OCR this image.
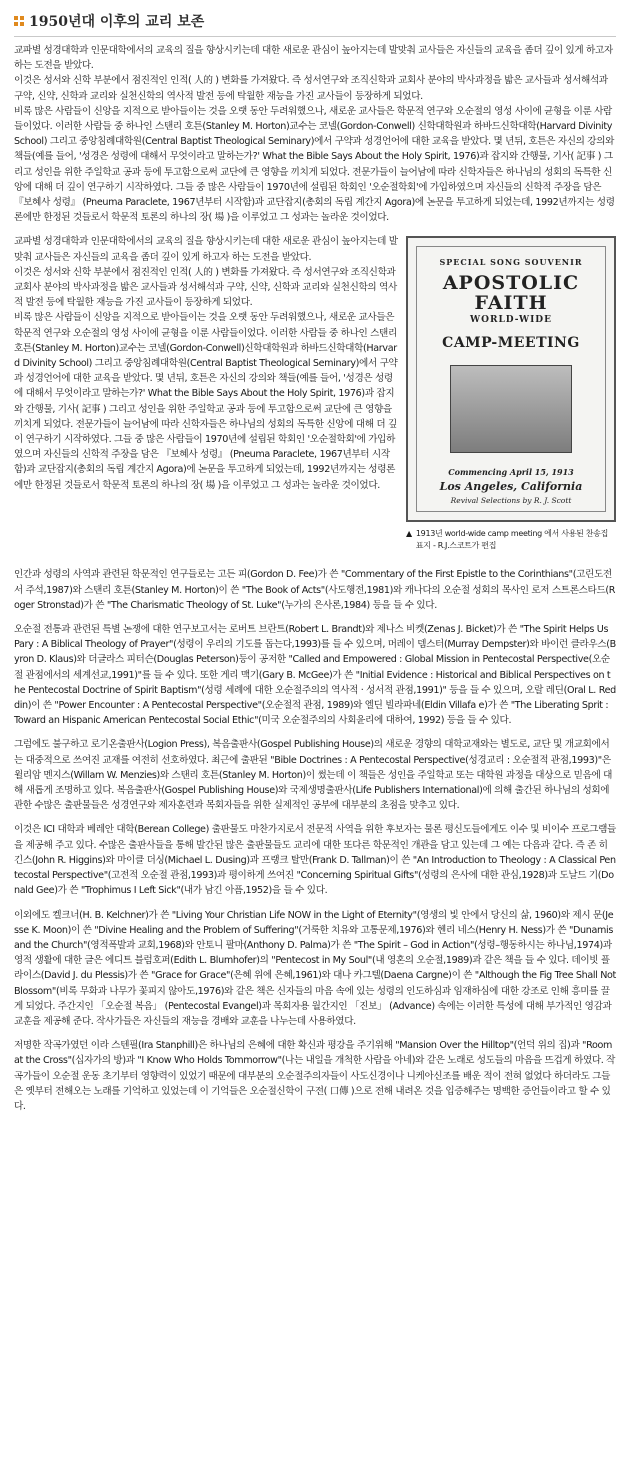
1950년대 이후의 교리 보존

교파별 성경대학과 인문대학에서의 교육의 질을 향상시키는데 대한 새로운 관심이 높아지는데 발맞춰 교사들은 자신들의 교육을 좀더 깊이 있게 하고자 하는 도전을 받았다.

이것은 성서와 신학 부분에서 점진적인 인적( 人的 ) 변화를 가져왔다. 즉 성서연구와 조직신학과 교회사 분야의 박사과정을 밟은 교사들과 성서해석과 구약, 신약, 신학과 교리와 실천신학의 역사적 발전 등에 탁월한 재능을 가진 교사들이 등장하게 되었다.

비록 많은 사람들이 신앙을 지적으로 받아들이는 것을 오랫 동안 두려워했으나, 새로운 교사들은 학문적 연구와 오순절의 영성 사이에 균형을 이룬 사람들이었다. 이러한 사람들 중 하나인 스탠리 호튼(Stanley M. Horton)교수는 코넬(Gordon-Conwell) 신학대학원과 하바드신학대학(Harvard Divinity School) 그리고 중앙침례대학원(Central Baptist Theological Seminary)에서 구약과 성경언어에 대한 교육을 받았다. 몇 년뒤, 호튼은 자신의 강의와 책들(예를 들어, '성경은 성령에 대해서 무엇이라고 말하는가?' What the Bible Says About the Holy Spirit, 1976)과 잡지와 간행물, 기사( 記事 ) 그리고 성인을 위한 주일학교 공과 등에 투고함으로써 교단에 큰 영향을 끼치게 되었다. 전문가들이 늘어남에 따라 신학자들은 하나님의 성회의 독특한 신앙에 대해 더 깊이 연구하기 시작하였다. 그들 중 많은 사람들이 1970년에 설립된 학회인 '오순절학회'에 가입하였으며 자신들의 신학적 주장을 담은 『보혜사 성령』 (Pneuma Paraclete, 1967년부터 시작함)과 교단잡지(총회의 독립 계간지 Agora)에 논문을 투고하게 되었는데, 1992년까지는 성령론에만 한정된 것들로서 학문적 토론의 하나의 장( 場 )을 이루었고 그 성과는 놀라운 것이었다.

SPECIAL SONG SOUVENIR
APOSTOLIC FAITH
WORLD-WIDE
CAMP-MEETING
Commencing April 15, 1913
Los Angeles, California
Revival Selections by R. J. Scott
▲ 1913년 world-wide camp meeting 에서 사용된 찬송집 표지 - R.J.스코트가 편집

교파별 성경대학과 인문대학에서의 교육의 질을 향상시키는데 대한 새로운 관심이 높아지는데 발맞춰 교사들은 자신들의 교육을 좀더 깊이 있게 하고자 하는 도전을 받았다.

이것은 성서와 신학 부분에서 점진적인 인적( 人的 ) 변화를 가져왔다. 즉 성서연구와 조직신학과 교회사 분야의 박사과정을 밟은 교사들과 성서해석과 구약, 신약, 신학과 교리와 실천신학의 역사적 발전 등에 탁월한 재능을 가진 교사들이 등장하게 되었다.

비록 많은 사람들이 신앙을 지적으로 받아들이는 것을 오랫 동안 두려워했으나, 새로운 교사들은 학문적 연구와 오순절의 영성 사이에 균형을 이룬 사람들이었다. 이러한 사람들 중 하나인 스탠리 호튼(Stanley M. Horton)교수는 코넬(Gordon-Conwell)신학대학원과 하바드신학대학(Harvard Divinity School) 그리고 중앙침례대학원(Central Baptist Theological Seminary)에서 구약과 성경언어에 대한 교육을 받았다. 몇 년뒤, 호튼은 자신의 강의와 책들(예를 들어, '성경은 성령에 대해서 무엇이라고 말하는가?' What the Bible Says About the Holy Spirit, 1976)과 잡지와 간행물, 기사( 記事 ) 그리고 성인을 위한 주일학교 공과 등에 투고함으로써 교단에 큰 영향을 끼치게 되었다. 전문가들이 늘어남에 따라 신학자들은 하나님의 성회의 독특한 신앙에 대해 더 깊이 연구하기 시작하였다. 그들 중 많은 사람들이 1970년에 설립된 학회인 '오순절학회'에 가입하였으며 자신들의 신학적 주장을 담은 『보혜사 성령』 (Pneuma Paraclete, 1967년부터 시작함)과 교단잡지(총회의 독립 계간지 Agora)에 논문을 투고하게 되었는데, 1992년까지는 성령론에만 한정된 것들로서 학문적 토론의 하나의 장( 場 )을 이루었고 그 성과는 놀라운 것이었다.

인간과 성령의 사역과 관련된 학문적인 연구들로는 고든 피(Gordon D. Fee)가 쓴 "Commentary of the First Epistle to the Corinthians"(고린도전서 주석,1987)와 스탠리 호튼(Stanley M. Horton)이 쓴 "The Book of Acts"(사도행전,1981)와 캐나다의 오순절 성회의 목사인 로저 스트론스타드(Roger Stronstad)가 쓴 "The Charismatic Theology of St. Luke"(누가의 은사론,1984) 등을 들 수 있다.

오순절 전통과 관련된 특별 논쟁에 대한 연구보고서는 로버트 브란트(Robert L. Brandt)와 제나스 비켓(Zenas J. Bicket)가 쓴 "The Spirit Helps Us Pary : A Biblical Theology of Prayer"(성령이 우리의 기도를 돕는다,1993)를 들 수 있으며, 머레이 뎀스터(Murray Dempster)와 바이런 클라우스(Byron D. Klaus)와 더글라스 피터슨(Douglas Peterson)등이 공저한 "Called and Empowered : Global Mission in Pentecostal Perspective(오순절 관점에서의 세계선교,1991)"를 들 수 있다. 또한 게리 맥기(Gary B. McGee)가 쓴 "Initial Evidence : Historical and Biblical Perspectives on the Pentecostal Doctrine of Spirit Baptism"(성령 세례에 대한 오순절주의의 역사적 · 성서적 관점,1991)" 등을 들 수 있으며, 오랄 레딘(Oral L. Reddin)이 쓴 "Power Encounter : A Pentecostal Perspective"(오순절적 관점, 1989)와 엘딘 빌라파네(Eldin Villafa e)가 쓴 "The Liberating Sprit : Toward an Hispanic American Pentecostal Social Ethic"(미국 오순절주의의 사회윤리에 대하여, 1992) 등을 들 수 있다.

그럼에도 불구하고 로기온출판사(Logion Press), 복음출판사(Gospel Publishing House)의 새로운 경향의 대학교재와는 별도로, 교단 및 개교회에서는 대중적으로 쓰여진 교재를 여전히 선호하였다. 최근에 출판된 "Bible Doctrines : A Pentecostal Perspective(성경교리 : 오순절적 관점,1993)"은 윌리암 멘지스(Willam W. Menzies)와 스탠리 호튼(Stanley M. Horton)이 썼는데 이 책들은 성인을 주일학교 또는 대학원 과정을 대상으로 믿음에 대해 새롭게 조명하고 있다. 복음출판사(Gospel Publishing House)와 국제생명출판사(Life Publishers International)에 의해 출간된 하나님의 성회에 관한 수많은 출판물들은 성경연구와 제자훈련과 목회자들을 위한 실제적인 공부에 대부분의 초점을 맞추고 있다.

이것은 ICI 대학과 베레안 대학(Berean College) 출판물도 마찬가지로서 전문적 사역을 위한 후보자는 물론 평신도들에게도 이수 및 비이수 프로그램들을 제공해 주고 있다. 수많은 출판사들을 통해 발간된 많은 출판물들도 교리에 대한 또다른 학문적인 개관을 담고 있는데 그 예는 다음과 같다. 즉 존 히긴스(John R. Higgins)와 마이클 더싱(Michael L. Dusing)과 프랭크 탈만(Frank D. Tallman)이 쓴 "An Introduction to Theology : A Classical Pentecostal Perspective"(고전적 오순절 관점,1993)과 평이하게 쓰여진 "Concerning Spiritual Gifts"(성령의 은사에 대한 관심,1928)과 도날드 기(Donald Gee)가 쓴 "Trophimus I Left Sick"(내가 남긴 아픔,1952)을 들 수 있다.

이외에도 켈크너(H. B. Kelchner)가 쓴 "Living Your Christian Life NOW in the Light of Eternity"(영생의 빛 안에서 당신의 삶, 1960)와 제시 문(Jesse K. Moon)이 쓴 "Divine Healing and the Problem of Suffering"(거룩한 치유와 고통문제,1976)와 헨리 네스(Henry H. Ness)가 쓴 "Dunamis and the Church"(영적폭발과 교회,1968)와 안토니 팔마(Anthony D. Palma)가 쓴 "The Spirit – God in Action"(성령–행동하시는 하나님,1974)과 영적 생활에 대한 글은 에디트 블럼호퍼(Edith L. Blumhofer)의 "Pentecost in My Soul"(내 영혼의 오순절,1989)과 같은 책을 들 수 있다. 데이빗 플라이스(David J. du Plessis)가 쓴 "Grace for Grace"(은혜 위에 은혜,1961)와 대나 카그텔(Daena Cargne)이 쓴 "Although the Fig Tree Shall Not Blossom"(비록 무화과 나무가 꽃피지 않아도,1976)와 같은 책은 신자들의 마음 속에 있는 성령의 인도하심과 임재하심에 대한 강조로 인해 흥미를 끌게 되었다. 주간지인 「오순절 복음」 (Pentecostal Evangel)과 목회자용 월간지인 「진보」 (Advance) 속에는 이러한 특성에 대해 부가적인 영감과 교훈을 제공해 준다. 작사가들은 자신들의 재능을 경배와 교훈을 나누는데 사용하였다.

저명한 작곡가였던 이라 스텐필(Ira Stanphill)은 하나님의 은혜에 대한 확신과 평강을 주기위해 "Mansion Over the Hilltop"(언덕 위의 집)과 "Room at the Cross"(십자가의 방)과 "I Know Who Holds Tommorrow"(나는 내일을 개척한 사람을 아네)와 같은 노래로 성도들의 마음을 뜨겁게 하였다. 작곡가들이 오순절 운동 초기부터 영향력이 있었기 때문에 대부분의 오순절주의자들이 사도신경이나 니케아신조를 배운 적이 전혀 없었다 하더라도 그들은 옛부터 전해오는 노래를 기억하고 있었는데 이 기억들은 오순절신학이 구전( 口傳 )으로 전해 내려온 것을 입증해주는 명백한 증언들이라고 할 수 있다.
